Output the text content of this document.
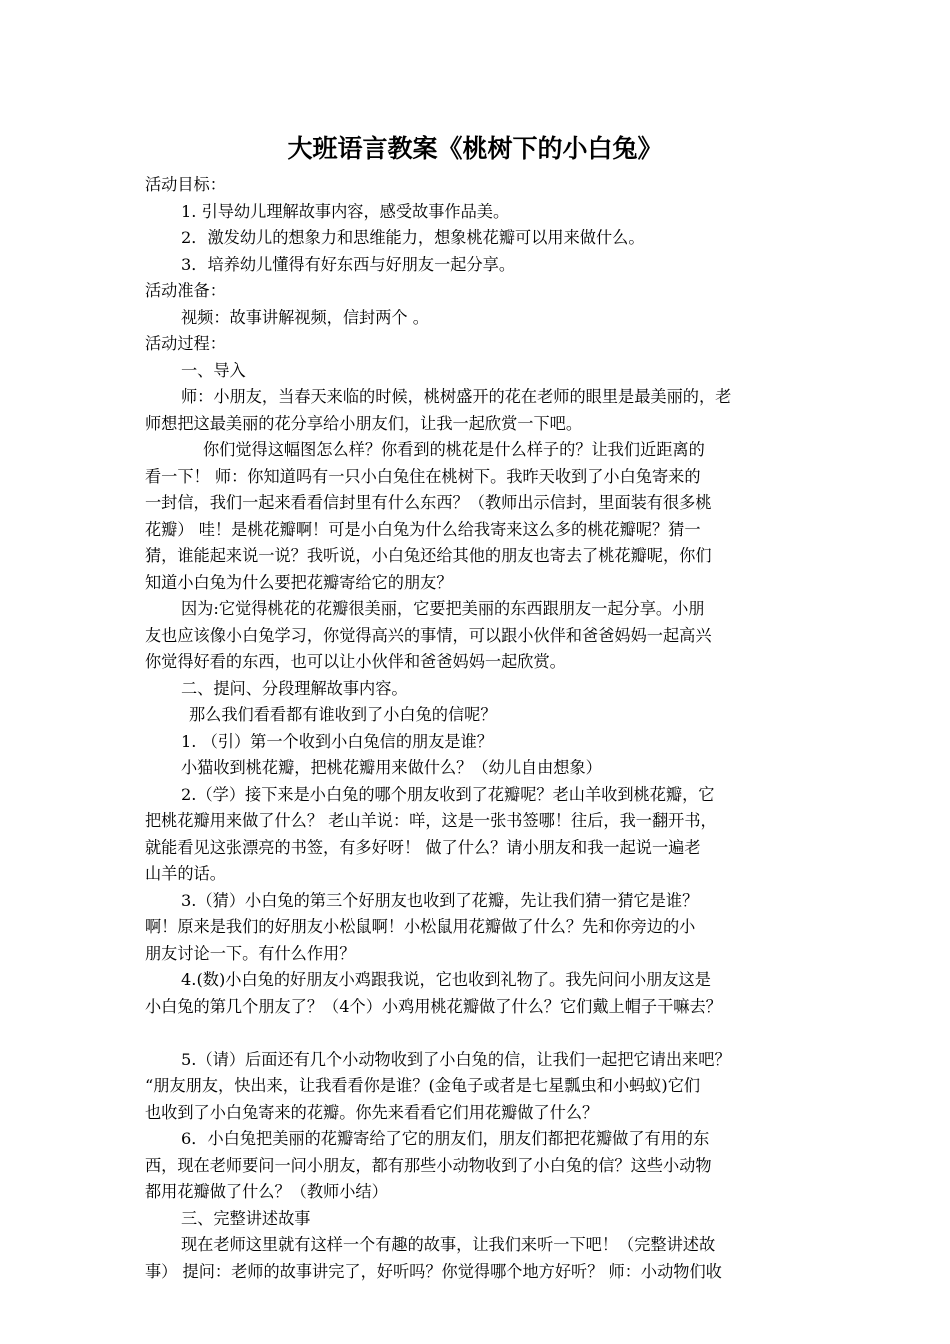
大班语言教案《桃树下的小白兔》
活动目标：
1. 引导幼儿理解故事内容，感受故事作品美。
2．激发幼儿的想象力和思维能力，想象桃花瓣可以用来做什么。
3．培养幼儿懂得有好东西与好朋友一起分享。
活动准备：
视频：故事讲解视频，信封两个 。
活动过程：
一、导入
师：小朋友，当春天来临的时候，桃树盛开的花在老师的眼里是最美丽的，老
师想把这最美丽的花分享给小朋友们，让我一起欣赏一下吧。
你们觉得这幅图怎么样？你看到的桃花是什么样子的？让我们近距离的
看一下！ 师：你知道吗有一只小白兔住在桃树下。我昨天收到了小白兔寄来的
一封信，我们一起来看看信封里有什么东西？（教师出示信封，里面装有很多桃
花瓣） 哇！是桃花瓣啊！可是小白兔为什么给我寄来这么多的桃花瓣呢？猜一
猜，谁能起来说一说？我听说，小白兔还给其他的朋友也寄去了桃花瓣呢，你们
知道小白兔为什么要把花瓣寄给它的朋友？
因为:它觉得桃花的花瓣很美丽，它要把美丽的东西跟朋友一起分享。小朋
友也应该像小白兔学习，你觉得高兴的事情，可以跟小伙伴和爸爸妈妈一起高兴
你觉得好看的东西，也可以让小伙伴和爸爸妈妈一起欣赏。
二、提问、分段理解故事内容。
那么我们看看都有谁收到了小白兔的信呢？
1. （引）第一个收到小白兔信的朋友是谁？
小猫收到桃花瓣，把桃花瓣用来做什么？（幼儿自由想象）
2.（学）接下来是小白兔的哪个朋友收到了花瓣呢？老山羊收到桃花瓣，它
把桃花瓣用来做了什么？ 老山羊说：咩，这是一张书签哪！往后，我一翻开书，
就能看见这张漂亮的书签，有多好呀！ 做了什么？请小朋友和我一起说一遍老
山羊的话。
3.（猜）小白兔的第三个好朋友也收到了花瓣，先让我们猜一猜它是谁？
啊！原来是我们的好朋友小松鼠啊！小松鼠用花瓣做了什么？先和你旁边的小
朋友讨论一下。有什么作用？
4.(数)小白兔的好朋友小鸡跟我说，它也收到礼物了。我先问问小朋友这是
小白兔的第几个朋友了？（4个）小鸡用桃花瓣做了什么？它们戴上帽子干嘛去？
5.（请）后面还有几个小动物收到了小白兔的信，让我们一起把它请出来吧？
“朋友朋友，快出来，让我看看你是谁？(金龟子或者是七星瓢虫和小蚂蚁)它们
也收到了小白兔寄来的花瓣。你先来看看它们用花瓣做了什么？
6．小白兔把美丽的花瓣寄给了它的朋友们，朋友们都把花瓣做了有用的东
西，现在老师要问一问小朋友，都有那些小动物收到了小白兔的信？这些小动物
都用花瓣做了什么？（教师小结）
三、完整讲述故事
现在老师这里就有这样一个有趣的故事，让我们来听一下吧！（完整讲述故
事） 提问：老师的故事讲完了，好听吗？你觉得哪个地方好听？ 师：小动物们收
